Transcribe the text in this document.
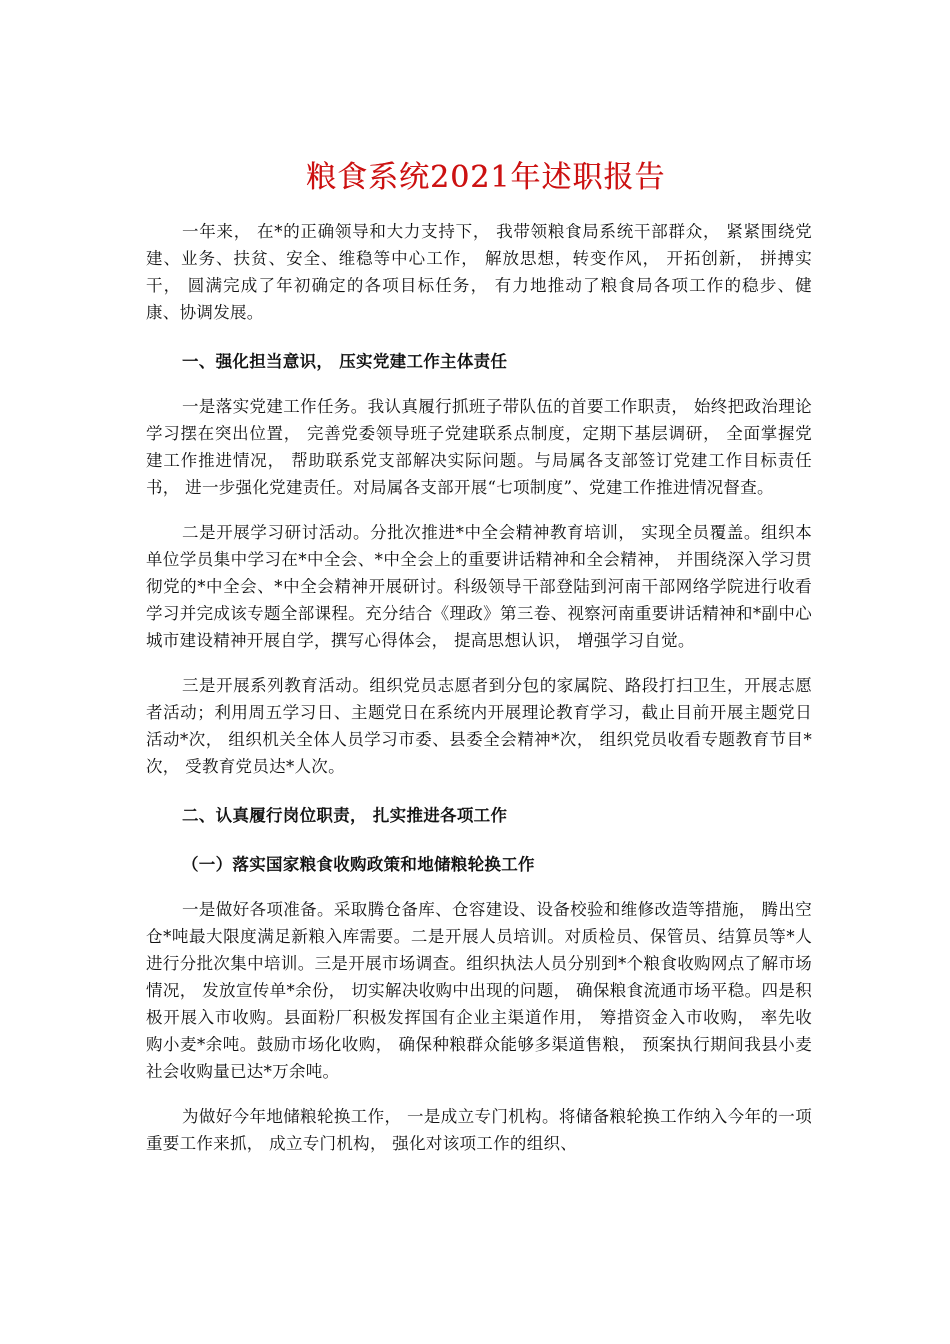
粮食系统2021年述职报告

一年来， 在*的正确领导和大力支持下， 我带领粮食局系统干部群众， 紧紧围绕党建、业务、扶贫、安全、维稳等中心工作， 解放思想，转变作风， 开拓创新， 拼搏实干， 圆满完成了年初确定的各项目标任务， 有力地推动了粮食局各项工作的稳步、健康、协调发展。

一、强化担当意识， 压实党建工作主体责任

一是落实党建工作任务。我认真履行抓班子带队伍的首要工作职责， 始终把政治理论学习摆在突出位置， 完善党委领导班子党建联系点制度，定期下基层调研， 全面掌握党建工作推进情况， 帮助联系党支部解决实际问题。与局属各支部签订党建工作目标责任书， 进一步强化党建责任。对局属各支部开展“七项制度”、党建工作推进情况督查。

二是开展学习研讨活动。分批次推进*中全会精神教育培训， 实现全员覆盖。组织本单位学员集中学习在*中全会、*中全会上的重要讲话精神和全会精神， 并围绕深入学习贯彻党的*中全会、*中全会精神开展研讨。科级领导干部登陆到河南干部网络学院进行收看学习并完成该专题全部课程。充分结合《理政》第三卷、视察河南重要讲话精神和*副中心城市建设精神开展自学，撰写心得体会， 提高思想认识， 增强学习自觉。

三是开展系列教育活动。组织党员志愿者到分包的家属院、路段打扫卫生，开展志愿者活动；利用周五学习日、主题党日在系统内开展理论教育学习，截止目前开展主题党日活动*次， 组织机关全体人员学习市委、县委全会精神*次， 组织党员收看专题教育节目*次， 受教育党员达*人次。

二、认真履行岗位职责， 扎实推进各项工作
（一）落实国家粮食收购政策和地储粮轮换工作

一是做好各项准备。采取腾仓备库、仓容建设、设备校验和维修改造等措施， 腾出空仓*吨最大限度满足新粮入库需要。二是开展人员培训。对质检员、保管员、结算员等*人进行分批次集中培训。三是开展市场调查。组织执法人员分别到*个粮食收购网点了解市场情况， 发放宣传单*余份， 切实解决收购中出现的问题， 确保粮食流通市场平稳。四是积极开展入市收购。县面粉厂积极发挥国有企业主渠道作用， 筹措资金入市收购， 率先收购小麦*余吨。鼓励市场化收购， 确保种粮群众能够多渠道售粮， 预案执行期间我县小麦社会收购量已达*万余吨。

为做好今年地储粮轮换工作， 一是成立专门机构。将储备粮轮换工作纳入今年的一项重要工作来抓， 成立专门机构， 强化对该项工作的组织、
